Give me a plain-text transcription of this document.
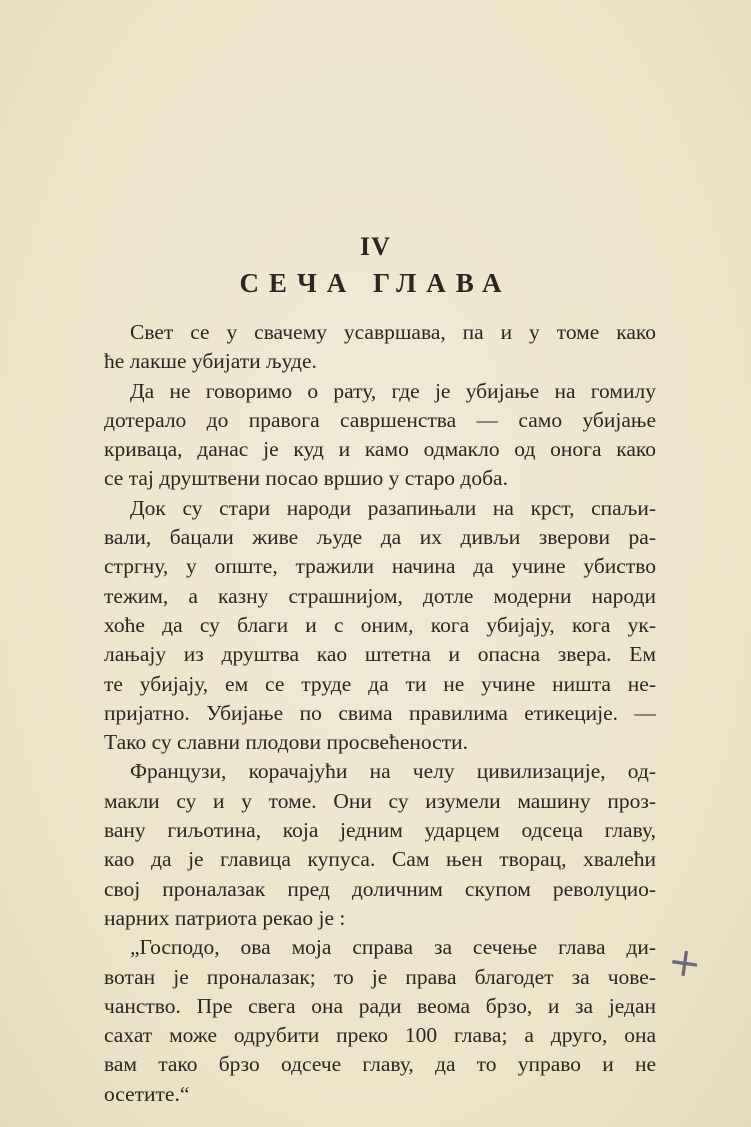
IV
СЕЧА ГЛАВА
Свет се у свачему усавршава, па и у томе како
ће лакше убијати људе.
Да не говоримо о рату, где је убијање на гомилу
дотерало до правога савршенства — само убијање
криваца, данас је куд и камо одмакло од онога како
се тај друштвени посао вршио у старо доба.
Док су стари народи разапињали на крст, спаљи-
вали, бацали живе људе да их дивљи зверови ра-
стргну, у опште, тражили начина да учине убиство
тежим, а казну страшнијом, дотле модерни народи
хоће да су благи и с оним, кога убијају, кога ук-
лањају из друштва као штетна и опасна звера. Ем
те убијају, ем се труде да ти не учине ништа не-
пријатно. Убијање по свима правилима етикеције. —
Тако су славни плодови просвећености.
Французи, корачајући на челу цивилизације, од-
макли су и у томе. Они су изумели машину проз-
вану гиљотина, која једним ударцем одсеца главу,
као да је главица купуса. Сам њен творац, хвалећи
свој проналазак пред доличним скупом револуцио-
нарних патриота рекао је :
„Господо, ова моја справа за сечење глава ди-
вотан је проналазак; то је права благодет за чове-
чанство. Пре свега она ради веома брзо, и за један
сахат може одрубити преко 100 глава; а друго, она
вам тако брзо одсече главу, да то управо и не
осетите.“
+
